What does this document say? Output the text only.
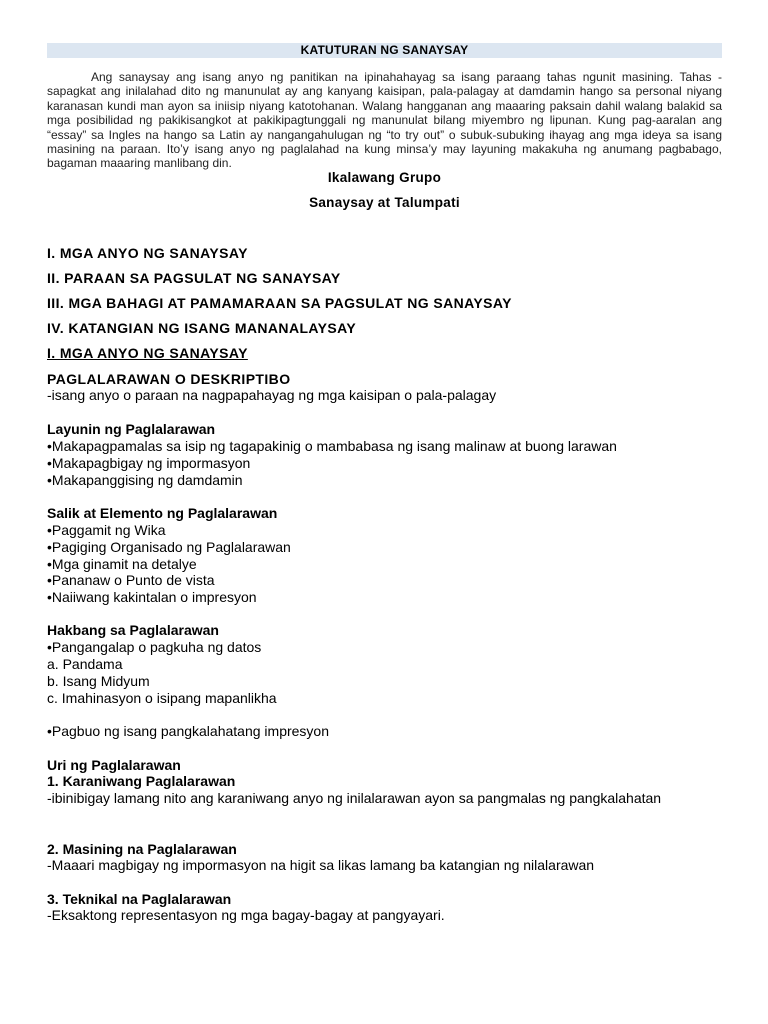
KATUTURAN NG SANAYSAY
Ang sanaysay ang isang anyo ng panitikan na ipinahahayag sa isang paraang tahas ngunit masining. Tahas - sapagkat ang inilalahad dito ng manunulat ay ang kanyang kaisipan, pala-palagay at damdamin hango sa personal niyang karanasan kundi man ayon sa iniisip niyang katotohanan. Walang hangganan ang maaaring paksain dahil walang balakid sa mga posibilidad ng pakikisangkot at pakikipagtunggali ng manunulat bilang miyembro ng lipunan. Kung pag-aaralan ang “essay” sa Ingles na hango sa Latin ay nangangahulugan ng “to try out” o subuk-subuking ihayag ang mga ideya sa isang masining na paraan. Ito’y isang anyo ng paglalahad na kung minsa’y may layuning makakuha ng anumang pagbabago, bagaman maaaring manlibang din.
Ikalawang Grupo
Sanaysay at Talumpati
I. MGA ANYO NG SANAYSAY
II. PARAAN SA PAGSULAT NG SANAYSAY
III. MGA BAHAGI AT PAMAMARAAN SA PAGSULAT NG SANAYSAY
IV. KATANGIAN NG ISANG MANANALAYSAY
I. MGA ANYO NG SANAYSAY
PAGLALARAWAN O DESKRIPTIBO
-isang anyo o paraan na nagpapahayag ng mga kaisipan o pala-palagay
Layunin ng Paglalarawan
•Makapagpamalas sa isip ng tagapakinig o mambabasa ng isang malinaw at buong larawan
•Makapagbigay ng impormasyon
•Makapanggising ng damdamin
Salik at Elemento ng Paglalarawan
•Paggamit ng Wika
•Pagiging Organisado ng Paglalarawan
•Mga ginamit na detalye
•Pananaw o Punto de vista
•Naiiwang kakintalan o impresyon
Hakbang sa Paglalarawan
•Pangangalap o pagkuha ng datos
a. Pandama
b. Isang Midyum
c. Imahinasyon o isipang mapanlikha
•Pagbuo ng isang pangkalahatang impresyon
Uri ng Paglalarawan
1. Karaniwang Paglalarawan
-ibinibigay lamang nito ang karaniwang anyo ng inilalarawan ayon sa pangmalas ng pangkalahatan
2. Masining na Paglalarawan
-Maaari magbigay ng impormasyon na higit sa likas lamang ba katangian ng nilalarawan
3. Teknikal na Paglalarawan
-Eksaktong representasyon ng mga bagay-bagay at pangyayari.
